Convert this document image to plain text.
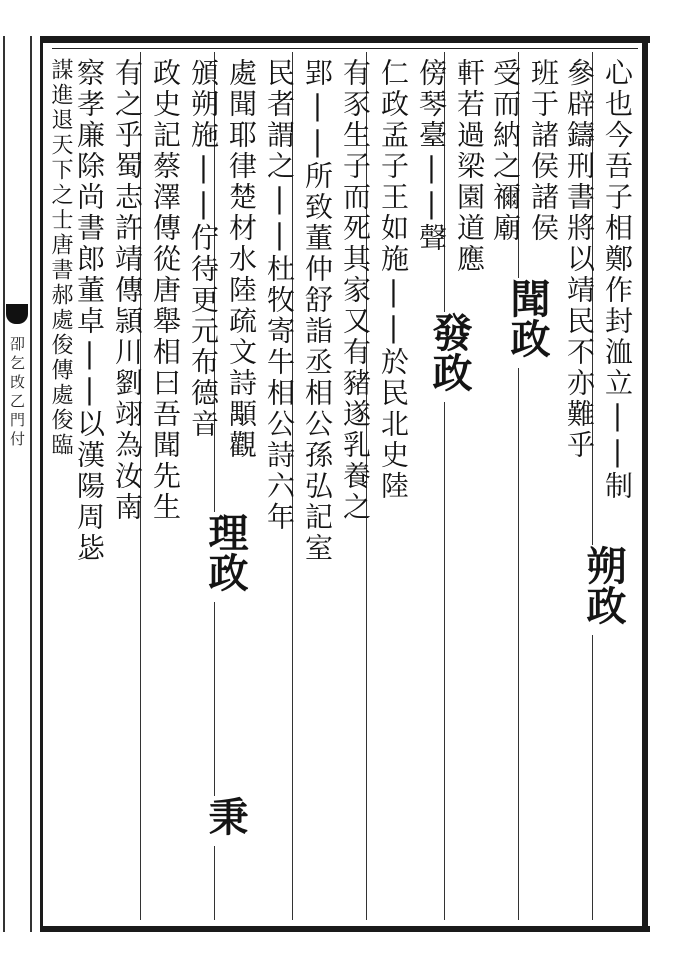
卲乞攺乙門付	心也今吾子相鄭作封洫立||制
參辟鑄刑書將以靖民不亦難乎
班于諸侯諸侯
受而納之禰廟
軒若過梁園道應
傍琴臺||聲
仁政孟子王如施||於民北史陸
有豕生子而死其家又有豬遂乳養之
郢||所致董仲舒詣丞相公孫弘記室
民者謂之||杜牧寄牛相公詩六年
處聞耶律楚材水陸疏文詩顒觀
頒朔施||佇待更元布德音
政史記蔡澤傳從唐舉相曰吾聞先生
有之乎蜀志許靖傳頴川劉翊為汝南
察孝廉除尚書郎董卓||以漢陽周毖
謀進退天下之士唐書郝處俊傳處俊臨
朔政
聞政
發政
理政
秉
